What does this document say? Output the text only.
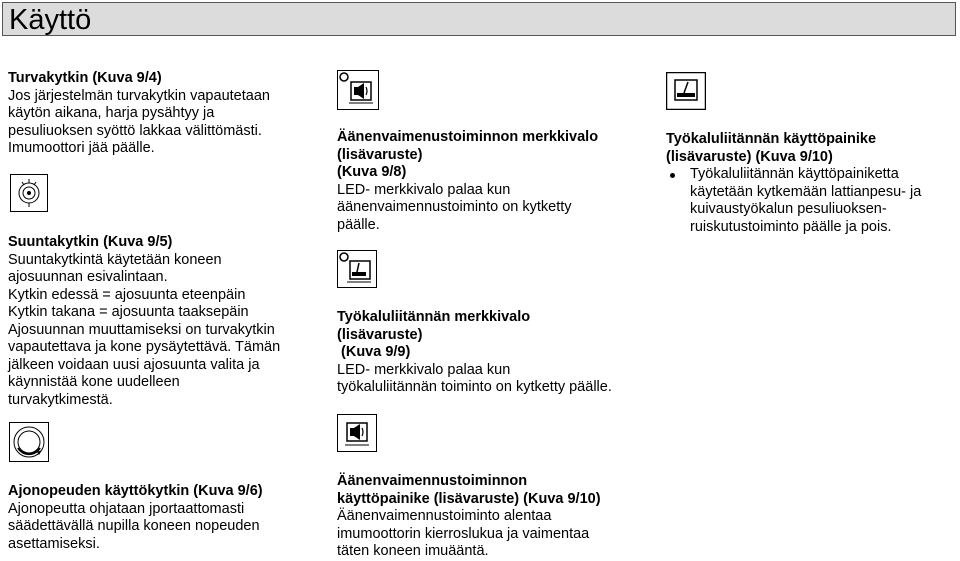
Käyttö
Turvakytkin (Kuva 9/4)
Jos järjestelmän turvakytkin vapautetaan
käytön aikana, harja pysähtyy ja
pesuliuoksen syöttö lakkaa välittömästi.
Imumoottori jää päälle.
Suuntakytkin (Kuva 9/5)
Suuntakytkintä käytetään koneen
ajosuunnan esivalintaan.
Kytkin edessä = ajosuunta eteenpäin
Kytkin takana = ajosuunta taaksepäin
Ajosuunnan muuttamiseksi on turvakytkin
vapautettava ja kone pysäytettävä. Tämän
jälkeen voidaan uusi ajosuunta valita ja
käynnistää kone uudelleen
turvakytkimestä.
Ajonopeuden käyttökytkin (Kuva 9/6)
Ajonopeutta ohjataan jportaattomasti
säädettävällä nupilla koneen nopeuden
asettamiseksi.
Äänenvaimenustoiminnon merkkivalo
(lisävaruste)
(Kuva 9/8)
LED- merkkivalo palaa kun
äänenvaimennustoiminto on kytketty
päälle.
Työkaluliitännän merkkivalo
(lisävaruste)
(Kuva 9/9)
LED- merkkivalo palaa kun
työkaluliitännän toiminto on kytketty päälle.
Äänenvaimennustoiminnon
käyttöpainike (lisävaruste) (Kuva 9/10)
Äänenvaimennustoiminto alentaa
imumoottorin kierroslukua ja vaimentaa
täten koneen imuääntä.
Työkaluliitännän käyttöpainike
(lisävaruste) (Kuva 9/10)
Työkaluliitännän käyttöpainiketta
käytetään kytkemään lattianpesu- ja
kuivaustyökalun pesuliuoksen-
ruiskutustoiminto päälle ja pois.
